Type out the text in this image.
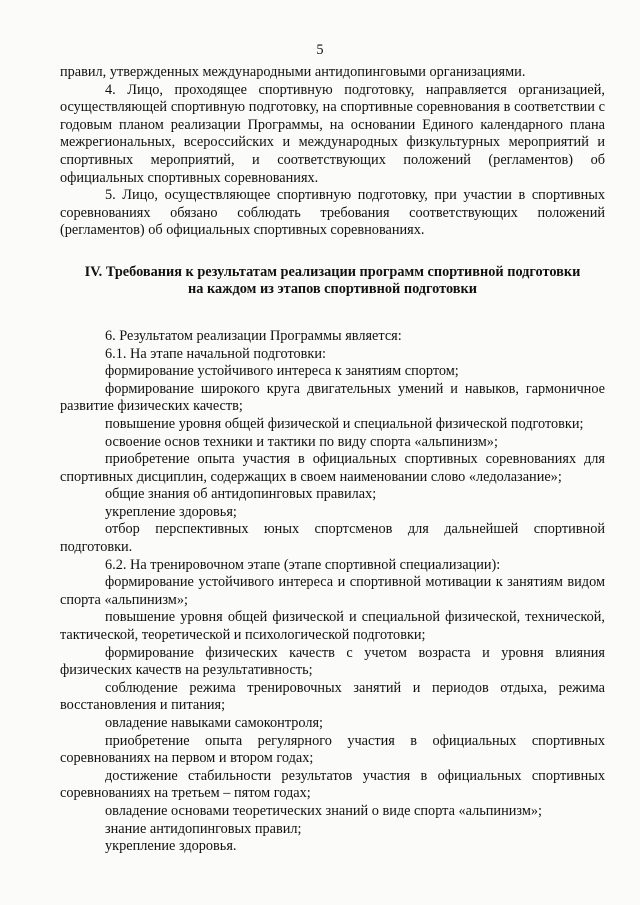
5
правил, утвержденных международными антидопинговыми организациями.
4. Лицо, проходящее спортивную подготовку, направляется организацией, осуществляющей спортивную подготовку, на спортивные соревнования в соответствии с годовым планом реализации Программы, на основании Единого календарного плана межрегиональных, всероссийских и международных физкультурных мероприятий и спортивных мероприятий, и соответствующих положений (регламентов) об официальных спортивных соревнованиях.
5. Лицо, осуществляющее спортивную подготовку, при участии в спортивных соревнованиях обязано соблюдать требования соответствующих положений (регламентов) об официальных спортивных соревнованиях.
IV. Требования к результатам реализации программ спортивной подготовки
на каждом из этапов спортивной подготовки
6. Результатом реализации Программы является:
6.1. На этапе начальной подготовки:
формирование устойчивого интереса к занятиям спортом;
формирование широкого круга двигательных умений и навыков, гармоничное развитие физических качеств;
повышение уровня общей физической и специальной физической подготовки;
освоение основ техники и тактики по виду спорта «альпинизм»;
приобретение опыта участия в официальных спортивных соревнованиях для спортивных дисциплин, содержащих в своем наименовании слово «ледолазание»;
общие знания об антидопинговых правилах;
укрепление здоровья;
отбор перспективных юных спортсменов для дальнейшей спортивной подготовки.
6.2. На тренировочном этапе (этапе спортивной специализации):
формирование устойчивого интереса и спортивной мотивации к занятиям видом спорта «альпинизм»;
повышение уровня общей физической и специальной физической, технической, тактической, теоретической и психологической подготовки;
формирование физических качеств с учетом возраста и уровня влияния физических качеств на результативность;
соблюдение режима тренировочных занятий и периодов отдыха, режима восстановления и питания;
овладение навыками самоконтроля;
приобретение опыта регулярного участия в официальных спортивных соревнованиях на первом и втором годах;
достижение стабильности результатов участия в официальных спортивных соревнованиях на третьем – пятом годах;
овладение основами теоретических знаний о виде спорта «альпинизм»;
знание антидопинговых правил;
укрепление здоровья.
